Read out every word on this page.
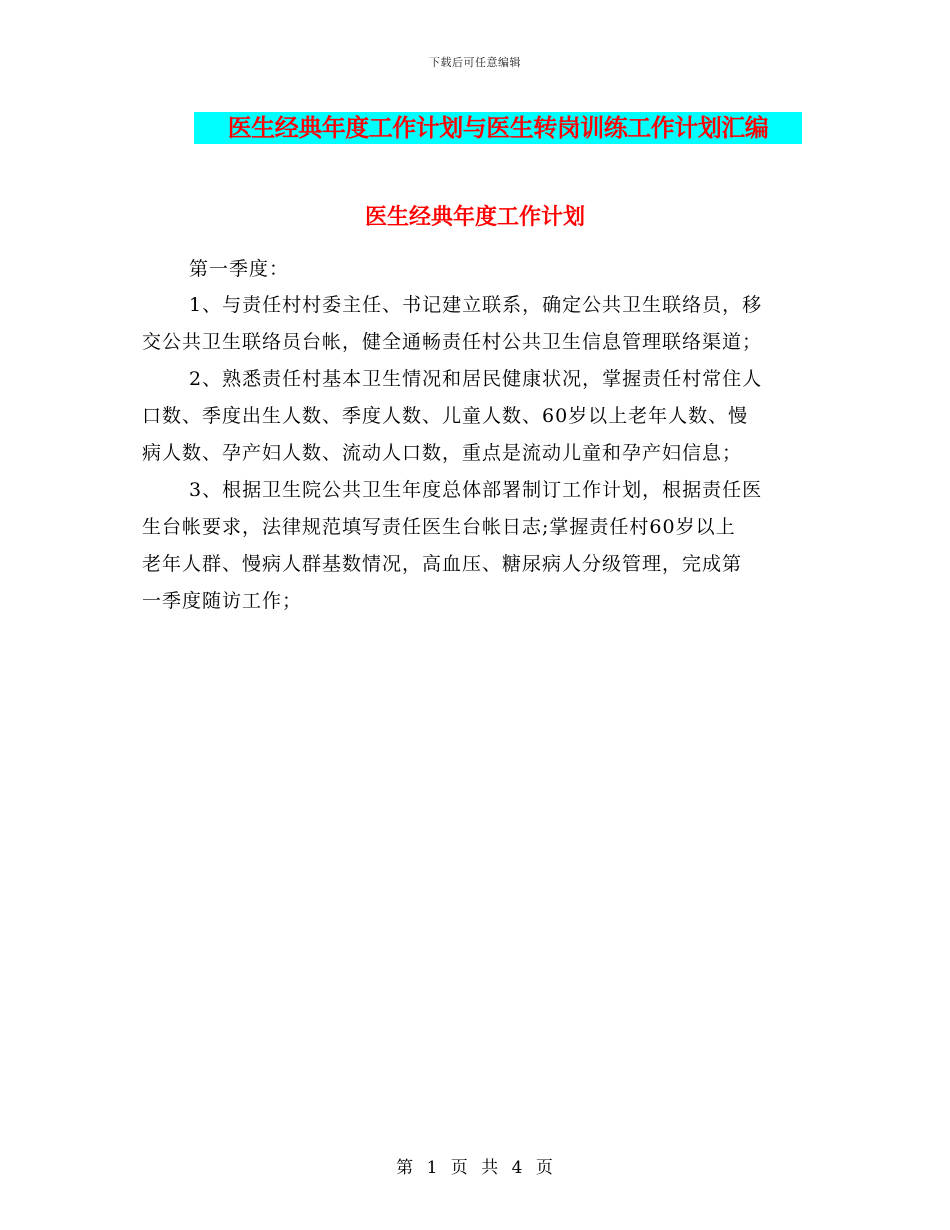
下载后可任意编辑
医生经典年度工作计划与医生转岗训练工作计划汇编
医生经典年度工作计划
第一季度：
1、与责任村村委主任、书记建立联系，确定公共卫生联络员，移
交公共卫生联络员台帐，健全通畅责任村公共卫生信息管理联络渠道；
2、熟悉责任村基本卫生情况和居民健康状况，掌握责任村常住人
口数、季度出生人数、季度人数、儿童人数、60岁以上老年人数、慢
病人数、孕产妇人数、流动人口数，重点是流动儿童和孕产妇信息；
3、根据卫生院公共卫生年度总体部署制订工作计划，根据责任医
生台帐要求，法律规范填写责任医生台帐日志;掌握责任村60岁以上
老年人群、慢病人群基数情况，高血压、糖尿病人分级管理，完成第
一季度随访工作；
第 1 页 共 4 页
